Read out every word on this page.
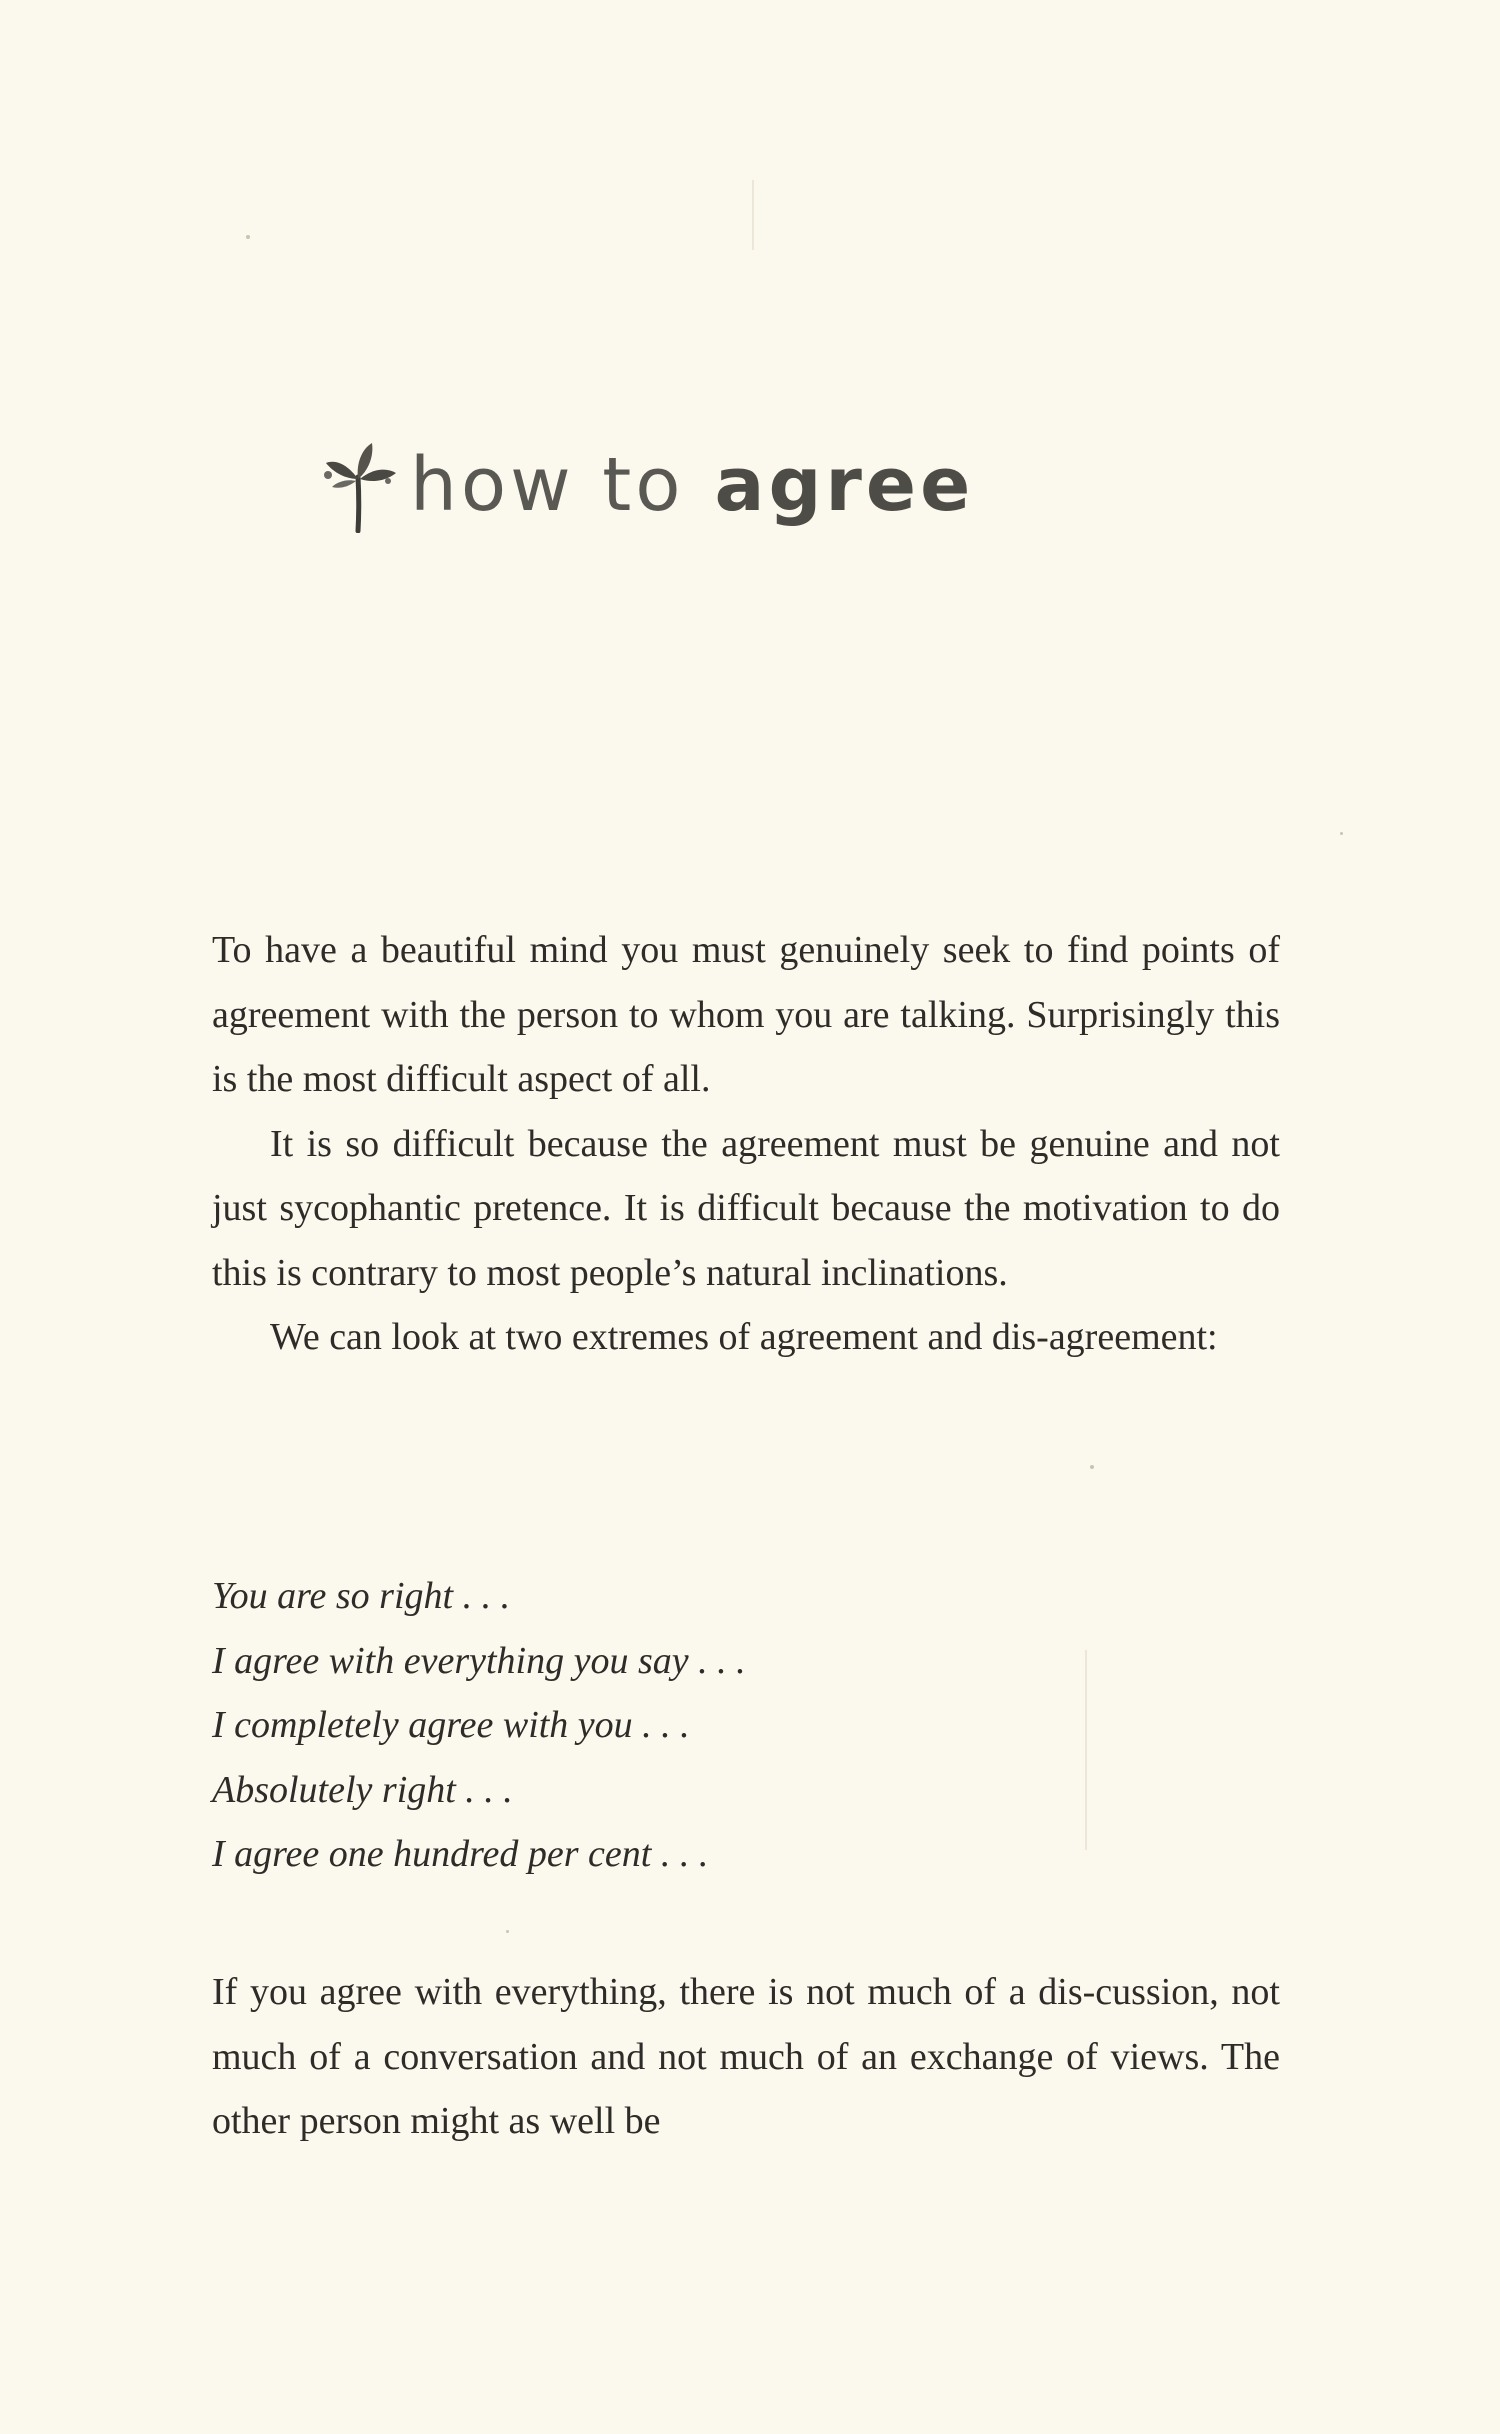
how to agree

To have a beautiful mind you must genuinely seek to find points of agreement with the person to whom you are talking. Surprisingly this is the most difficult aspect of all.

It is so difficult because the agreement must be genuine and not just sycophantic pretence. It is difficult because the motivation to do this is contrary to most people’s natural inclinations.

We can look at two extremes of agreement and dis-agreement:

You are so right . . .
I agree with everything you say . . .
I completely agree with you . . .
Absolutely right . . .
I agree one hundred per cent . . .

If you agree with everything, there is not much of a dis-cussion, not much of a conversation and not much of an exchange of views. The other person might as well be
